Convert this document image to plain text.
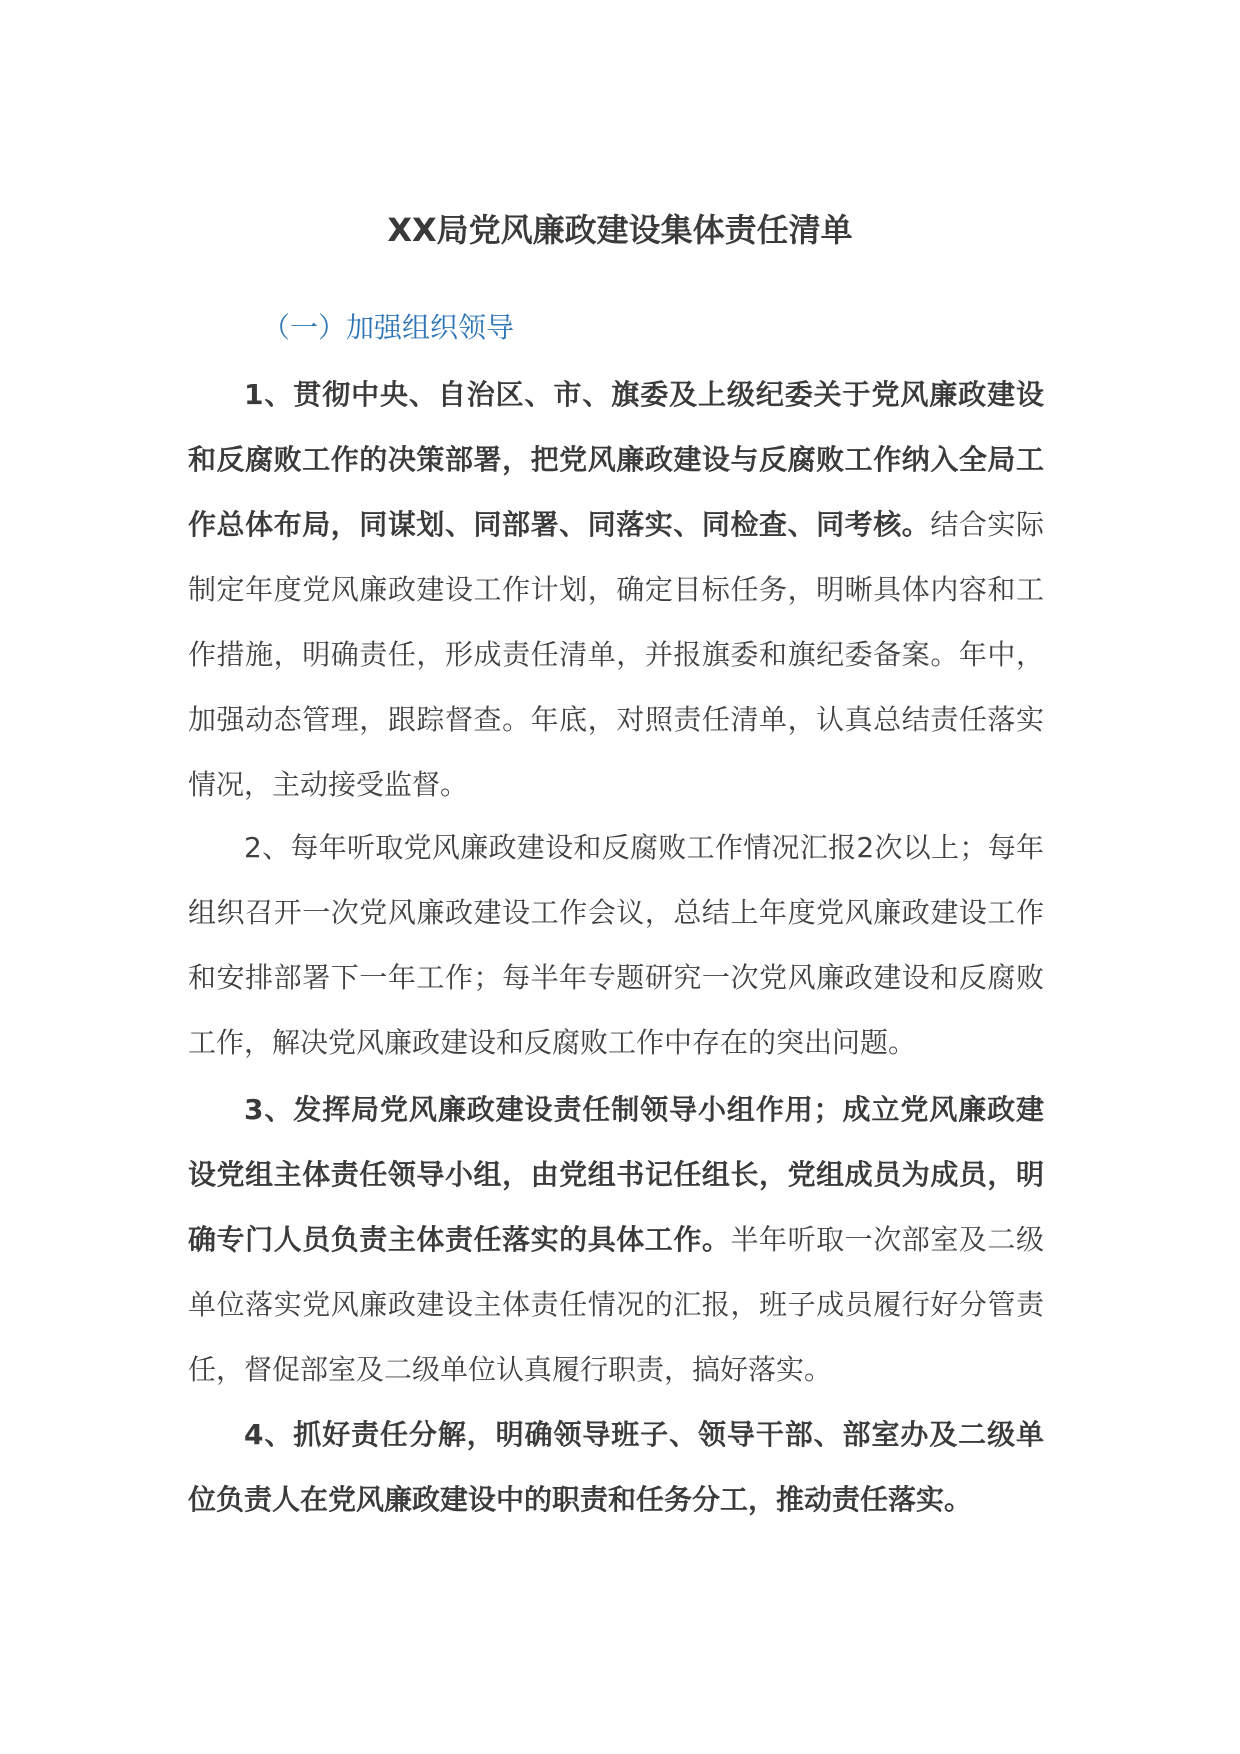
XX局党风廉政建设集体责任清单
（一）加强组织领导

1、贯彻中央、自治区、市、旗委及上级纪委关于党风廉政建设和反腐败工作的决策部署，把党风廉政建设与反腐败工作纳入全局工作总体布局，同谋划、同部署、同落实、同检查、同考核。结合实际制定年度党风廉政建设工作计划，确定目标任务，明晰具体内容和工作措施，明确责任，形成责任清单，并报旗委和旗纪委备案。年中，加强动态管理，跟踪督查。年底，对照责任清单，认真总结责任落实情况，主动接受监督。

2、每年听取党风廉政建设和反腐败工作情况汇报2次以上；每年组织召开一次党风廉政建设工作会议，总结上年度党风廉政建设工作和安排部署下一年工作；每半年专题研究一次党风廉政建设和反腐败工作，解决党风廉政建设和反腐败工作中存在的突出问题。

3、发挥局党风廉政建设责任制领导小组作用；成立党风廉政建设党组主体责任领导小组，由党组书记任组长，党组成员为成员，明确专门人员负责主体责任落实的具体工作。半年听取一次部室及二级单位落实党风廉政建设主体责任情况的汇报，班子成员履行好分管责任，督促部室及二级单位认真履行职责，搞好落实。

4、抓好责任分解，明确领导班子、领导干部、部室办及二级单位负责人在党风廉政建设中的职责和任务分工，推动责任落实。
